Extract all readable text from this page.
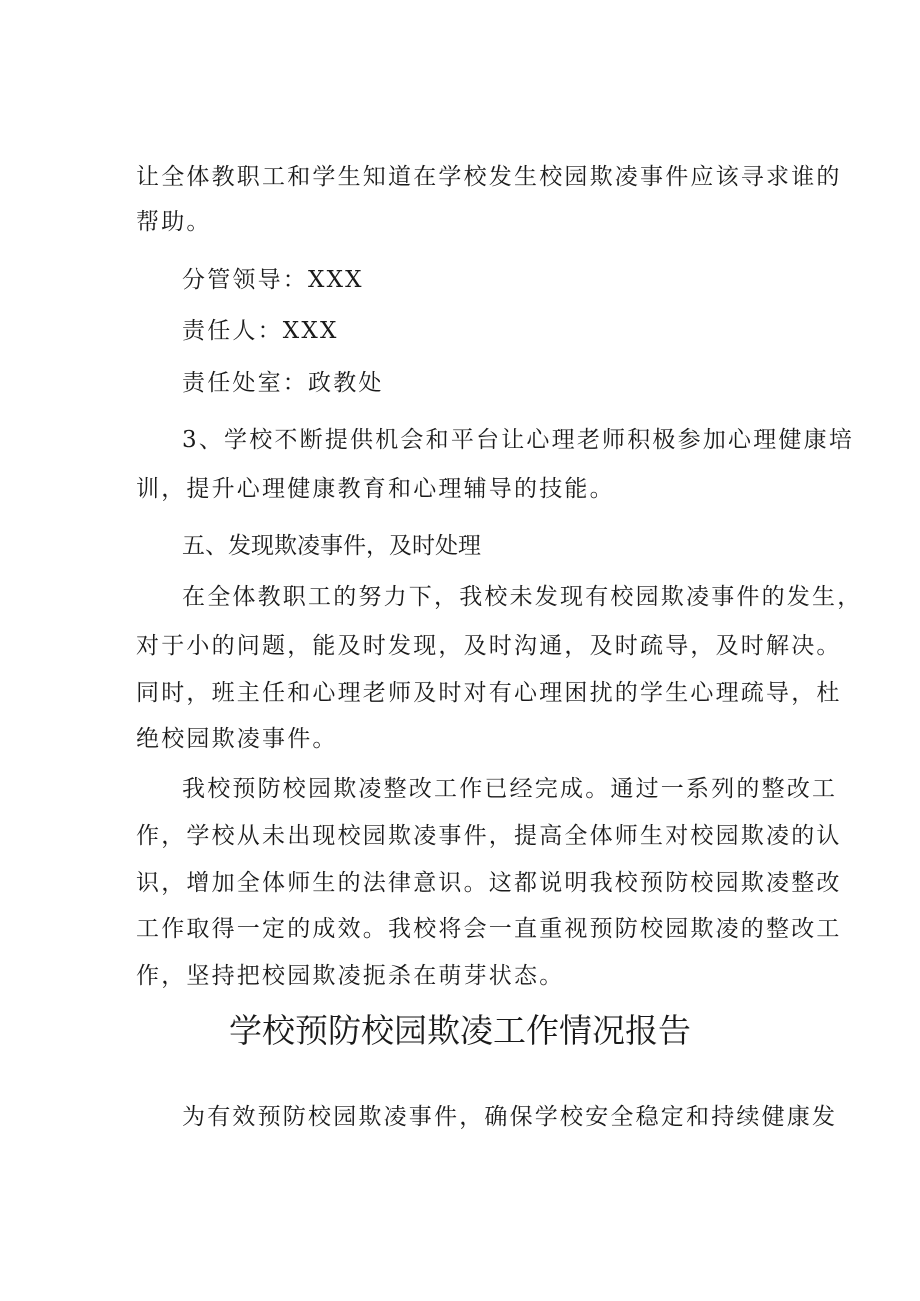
让全体教职工和学生知道在学校发生校园欺凌事件应该寻求谁的
帮助。
分管领导：XXX
责任人：XXX
责任处室：政教处
3、学校不断提供机会和平台让心理老师积极参加心理健康培
训，提升心理健康教育和心理辅导的技能。
五、发现欺凌事件，及时处理
在全体教职工的努力下，我校未发现有校园欺凌事件的发生，
对于小的问题，能及时发现，及时沟通，及时疏导，及时解决。
同时，班主任和心理老师及时对有心理困扰的学生心理疏导，杜
绝校园欺凌事件。
我校预防校园欺凌整改工作已经完成。通过一系列的整改工
作，学校从未出现校园欺凌事件，提高全体师生对校园欺凌的认
识，增加全体师生的法律意识。这都说明我校预防校园欺凌整改
工作取得一定的成效。我校将会一直重视预防校园欺凌的整改工
作，坚持把校园欺凌扼杀在萌芽状态。
学校预防校园欺凌工作情况报告
为有效预防校园欺凌事件，确保学校安全稳定和持续健康发
